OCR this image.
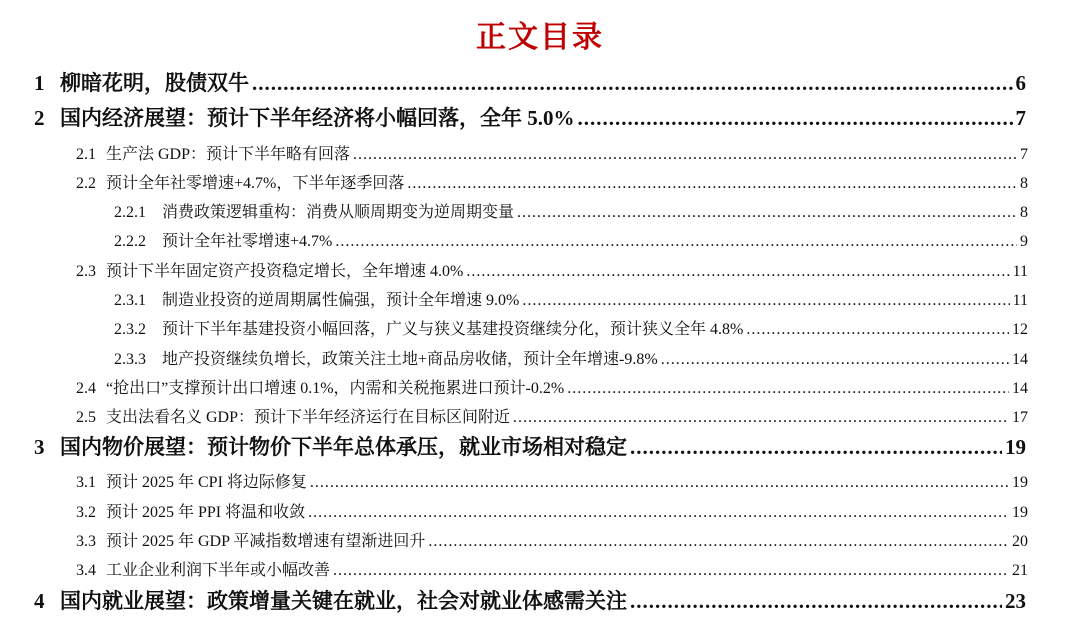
正文目录
1 柳暗花明，股债双牛 .....	6
2 国内经济展望：预计下半年经济将小幅回落，全年 5.0% .....	7
2.1 生产法 GDP：预计下半年略有回落 .....	7
2.2 预计全年社零增速+4.7%，下半年逐季回落 .....	8
2.2.1	消费政策逻辑重构：消费从顺周期变为逆周期变量 .....	8
2.2.2	预计全年社零增速+4.7% .....	9
2.3 预计下半年固定资产投资稳定增长，全年增速 4.0% .....	11
2.3.1	制造业投资的逆周期属性偏强，预计全年增速 9.0% .....	11
2.3.2	预计下半年基建投资小幅回落，广义与狭义基建投资继续分化，预计狭义全年 4.8% .....	12
2.3.3	地产投资继续负增长，政策关注土地+商品房收储，预计全年增速-9.8% .....	14
2.4 “抢出口”支撑预计出口增速 0.1%，内需和关税拖累进口预计-0.2% .....	14
2.5 支出法看名义 GDP：预计下半年经济运行在目标区间附近 .....	17
3 国内物价展望：预计物价下半年总体承压，就业市场相对稳定 .....	19
3.1 预计 2025 年 CPI 将边际修复 .....	19
3.2 预计 2025 年 PPI 将温和收敛 .....	19
3.3 预计 2025 年 GDP 平减指数增速有望渐进回升 .....	20
3.4 工业企业利润下半年或小幅改善 .....	21
4 国内就业展望：政策增量关键在就业，社会对就业体感需关注 .....	23
